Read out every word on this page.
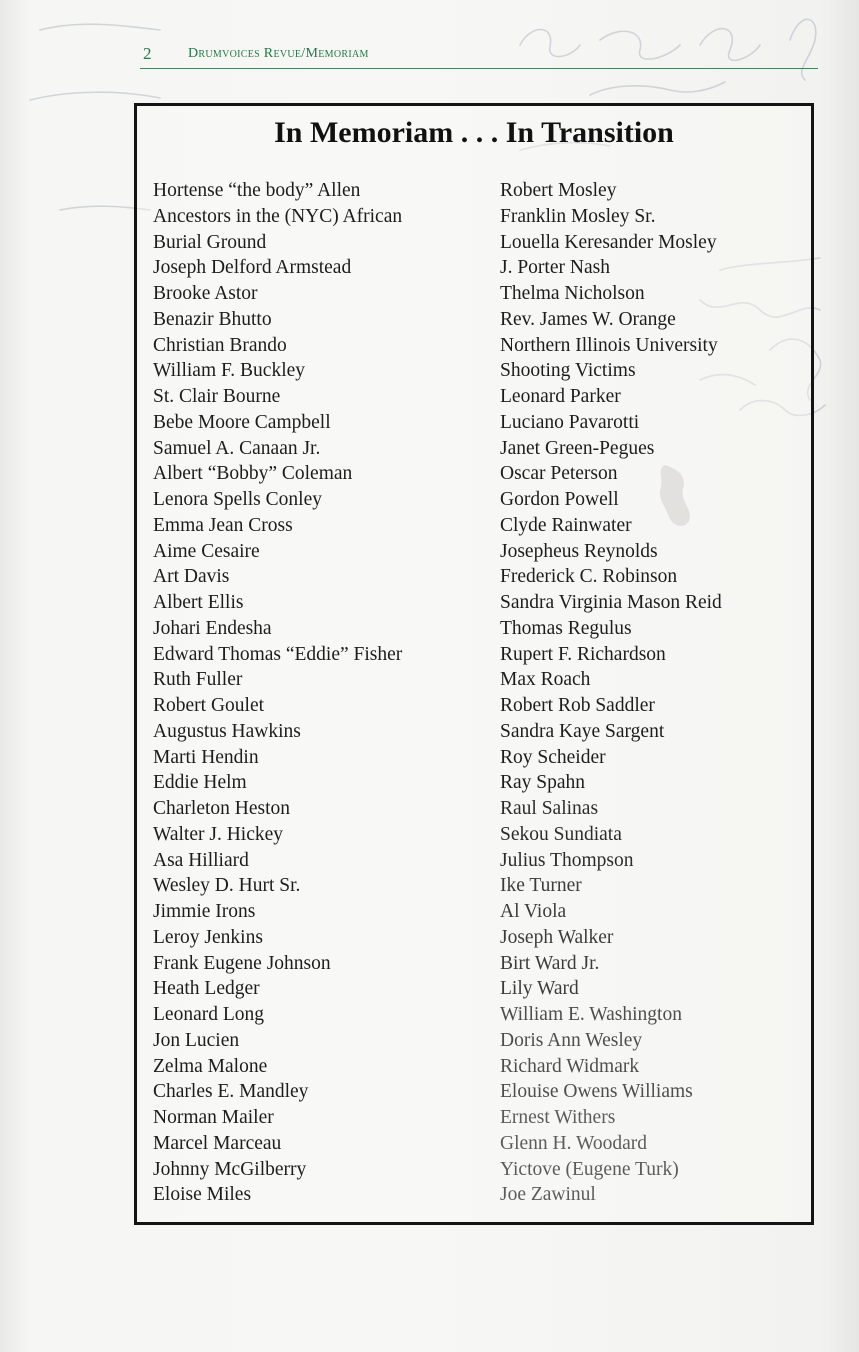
2	Drumvoices Revue/Memoriam
In Memoriam . . . In Transition
Hortense “the body” Allen
Ancestors in the (NYC) African
Burial Ground
Joseph Delford Armstead
Brooke Astor
Benazir Bhutto
Christian Brando
William F. Buckley
St. Clair Bourne
Bebe Moore Campbell
Samuel A. Canaan Jr.
Albert “Bobby” Coleman
Lenora Spells Conley
Emma Jean Cross
Aime Cesaire
Art Davis
Albert Ellis
Johari Endesha
Edward Thomas “Eddie” Fisher
Ruth Fuller
Robert Goulet
Augustus Hawkins
Marti Hendin
Eddie Helm
Charleton Heston
Walter J. Hickey
Asa Hilliard
Wesley D. Hurt Sr.
Jimmie Irons
Leroy Jenkins
Frank Eugene Johnson
Heath Ledger
Leonard Long
Jon Lucien
Zelma Malone
Charles E. Mandley
Norman Mailer
Marcel Marceau
Johnny McGilberry
Eloise Miles
Robert Mosley
Franklin Mosley Sr.
Louella Keresander Mosley
J. Porter Nash
Thelma Nicholson
Rev. James W. Orange
Northern Illinois University
Shooting Victims
Leonard Parker
Luciano Pavarotti
Janet Green-Pegues
Oscar Peterson
Gordon Powell
Clyde Rainwater
Josepheus Reynolds
Frederick C. Robinson
Sandra Virginia Mason Reid
Thomas Regulus
Rupert F. Richardson
Max Roach
Robert Rob Saddler
Sandra Kaye Sargent
Roy Scheider
Ray Spahn
Raul Salinas
Sekou Sundiata
Julius Thompson
Ike Turner
Al Viola
Joseph Walker
Birt Ward Jr.
Lily Ward
William E. Washington
Doris Ann Wesley
Richard Widmark
Elouise Owens Williams
Ernest Withers
Glenn H. Woodard
Yictove (Eugene Turk)
Joe Zawinul
